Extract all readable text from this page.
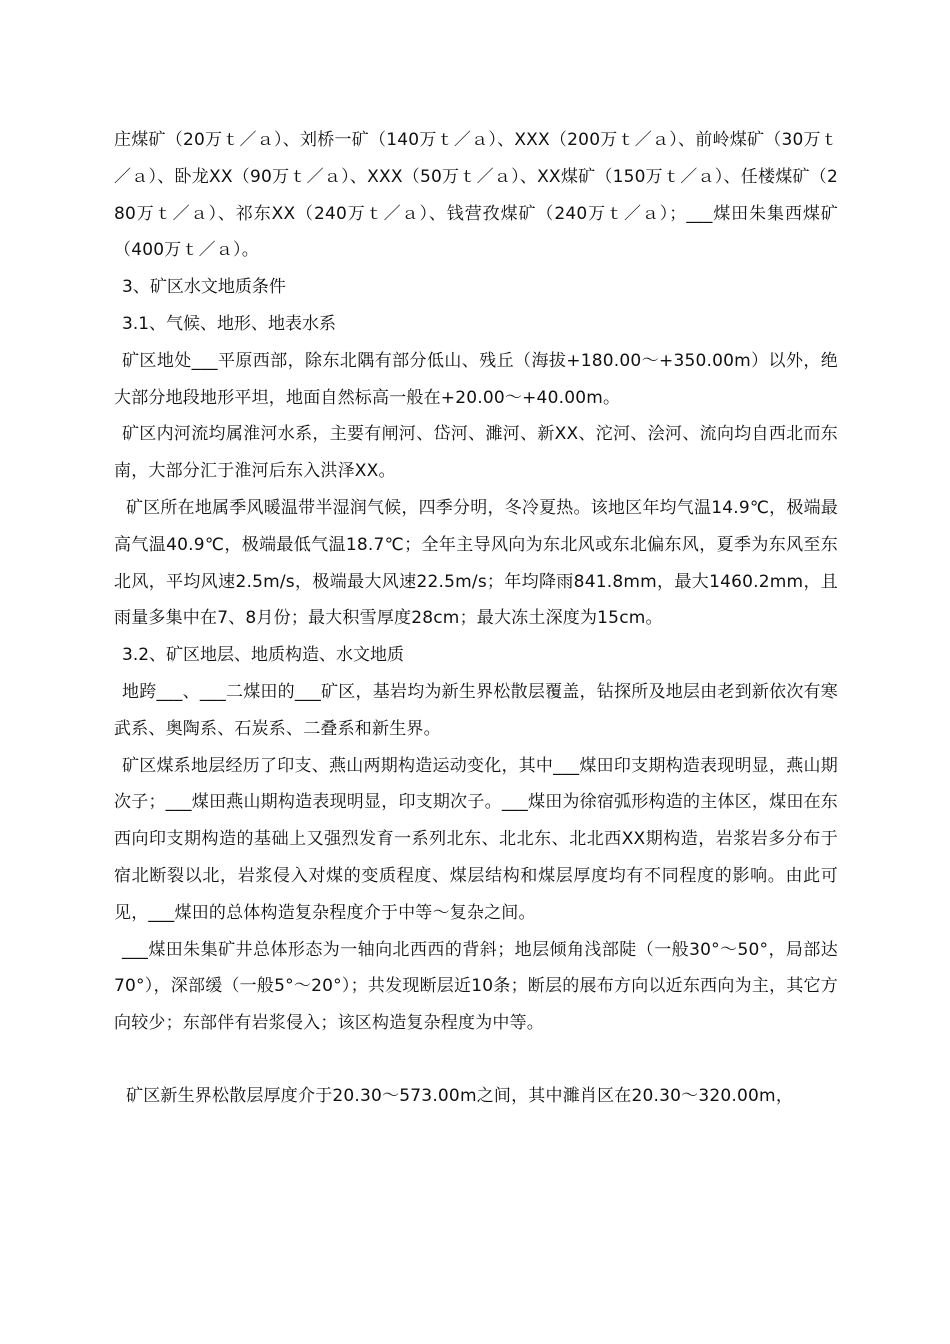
庄煤矿（20万ｔ／ａ）、刘桥一矿（140万ｔ／ａ）、XXX（200万ｔ／ａ）、前岭煤矿（30万ｔ／ａ）、卧龙XX（90万ｔ／ａ）、XXX（50万ｔ／ａ）、XX煤矿（150万ｔ／ａ）、任楼煤矿（280万ｔ／ａ）、祁东XX（240万ｔ／ａ）、钱营孜煤矿（240万ｔ／ａ）；___煤田朱集西煤矿（400万ｔ／ａ）。

3、矿区水文地质条件

3.1、气候、地形、地表水系

矿区地处___平原西部，除东北隅有部分低山、残丘（海拔+180.00～+350.00m）以外，绝大部分地段地形平坦，地面自然标高一般在+20.00～+40.00m。

矿区内河流均属淮河水系，主要有闸河、岱河、濉河、新XX、沱河、浍河、流向均自西北而东南，大部分汇于淮河后东入洪泽XX。

矿区所在地属季风暖温带半湿润气候，四季分明，冬冷夏热。该地区年均气温14.9℃，极端最高气温40.9℃，极端最低气温18.7℃；全年主导风向为东北风或东北偏东风，夏季为东风至东北风，平均风速2.5m/s，极端最大风速22.5m/s；年均降雨841.8mm，最大1460.2mm，且雨量多集中在7、8月份；最大积雪厚度28cm；最大冻土深度为15cm。

3.2、矿区地层、地质构造、水文地质

地跨___、___二煤田的___矿区，基岩均为新生界松散层覆盖，钻探所及地层由老到新依次有寒武系、奥陶系、石炭系、二叠系和新生界。

矿区煤系地层经历了印支、燕山两期构造运动变化，其中___煤田印支期构造表现明显，燕山期次子；___煤田燕山期构造表现明显，印支期次子。___煤田为徐宿弧形构造的主体区，煤田在东西向印支期构造的基础上又强烈发育一系列北东、北北东、北北西XX期构造，岩浆岩多分布于宿北断裂以北，岩浆侵入对煤的变质程度、煤层结构和煤层厚度均有不同程度的影响。由此可见，___煤田的总体构造复杂程度介于中等～复杂之间。

___煤田朱集矿井总体形态为一轴向北西西的背斜；地层倾角浅部陡（一般30°～50°，局部达70°），深部缓（一般5°～20°）；共发现断层近10条；断层的展布方向以近东西向为主，其它方向较少；东部伴有岩浆侵入；该区构造复杂程度为中等。

矿区新生界松散层厚度介于20.30～573.00m之间，其中濉肖区在20.30～320.00m，
